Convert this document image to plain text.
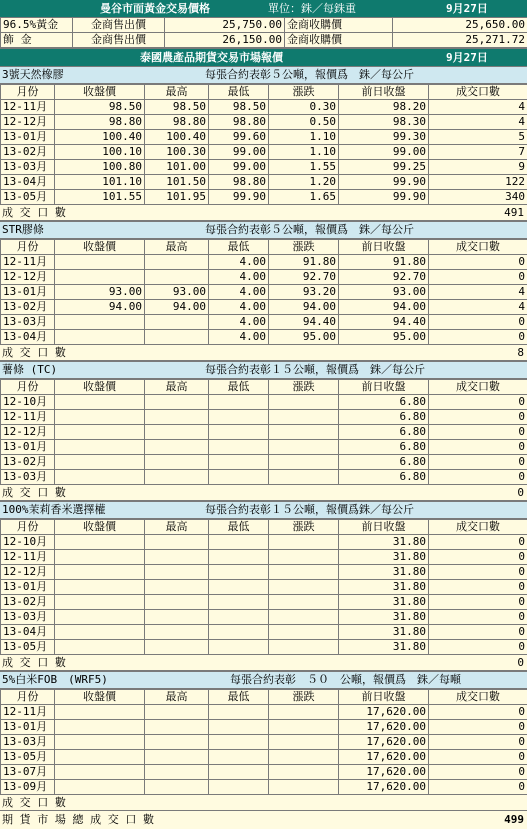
曼谷市面黃金交易價格	單位：銖／每銖重	9月27日
96.5%黃金	金商售出價	25,750.00	金商收購價	25,650.00
飾 金	金商售出價	26,150.00	金商收購價	25,271.72
泰國農產品期貨交易市場報價	9月27日
3號天然橡膠	每張合約表彰５公噸，報價爲　銖／每公斤
月份	收盤價	最高	最低	漲跌	前日收盤	成交口數
12-11月	98.50	98.50	98.50	0.30	98.20	4
12-12月	98.80	98.80	98.80	0.50	98.30	4
13-01月	100.40	100.40	99.60	1.10	99.30	5
13-02月	100.10	100.30	99.00	1.10	99.00	7
13-03月	100.80	101.00	99.00	1.55	99.25	9
13-04月	101.10	101.50	98.80	1.20	99.90	122
13-05月	101.55	101.95	99.90	1.65	99.90	340
成 交 口 數	491
STR膠條	每張合約表彰５公噸，報價爲　銖／每公斤
月份	收盤價	最高	最低	漲跌	前日收盤	成交口數
12-11月			4.00	91.80	91.80	0
12-12月			4.00	92.70	92.70	0
13-01月	93.00	93.00	4.00	93.20	93.00	4
13-02月	94.00	94.00	4.00	94.00	94.00	4
13-03月			4.00	94.40	94.40	0
13-04月			4.00	95.00	95.00	0
成 交 口 數	8
薯條 (TC)	每張合約表彰１５公噸，報價爲　銖／每公斤
月份	收盤價	最高	最低	漲跌	前日收盤	成交口數
12-10月					6.80	0
12-11月					6.80	0
12-12月					6.80	0
13-01月					6.80	0
13-02月					6.80	0
13-03月					6.80	0
成 交 口 數	0
100%茉莉香米選擇權	每張合約表彰１５公噸，報價爲銖／每公斤
月份	收盤價	最高	最低	漲跌	前日收盤	成交口數
12-10月					31.80	0
12-11月					31.80	0
12-12月					31.80	0
13-01月					31.80	0
13-02月					31.80	0
13-03月					31.80	0
13-04月					31.80	0
13-05月					31.80	0
成 交 口 數	0
5%白米FOB　(WRF5)	每張合約表彰　５０　公噸，報價爲　銖／每噸
月份	收盤價	最高	最低	漲跌	前日收盤	成交口數
12-11月					17,620.00	0
13-01月					17,620.00	0
13-03月					17,620.00	0
13-05月					17,620.00	0
13-07月					17,620.00	0
13-09月					17,620.00	0
成 交 口 數
期 貨 市 場 總 成 交 口 數	499
